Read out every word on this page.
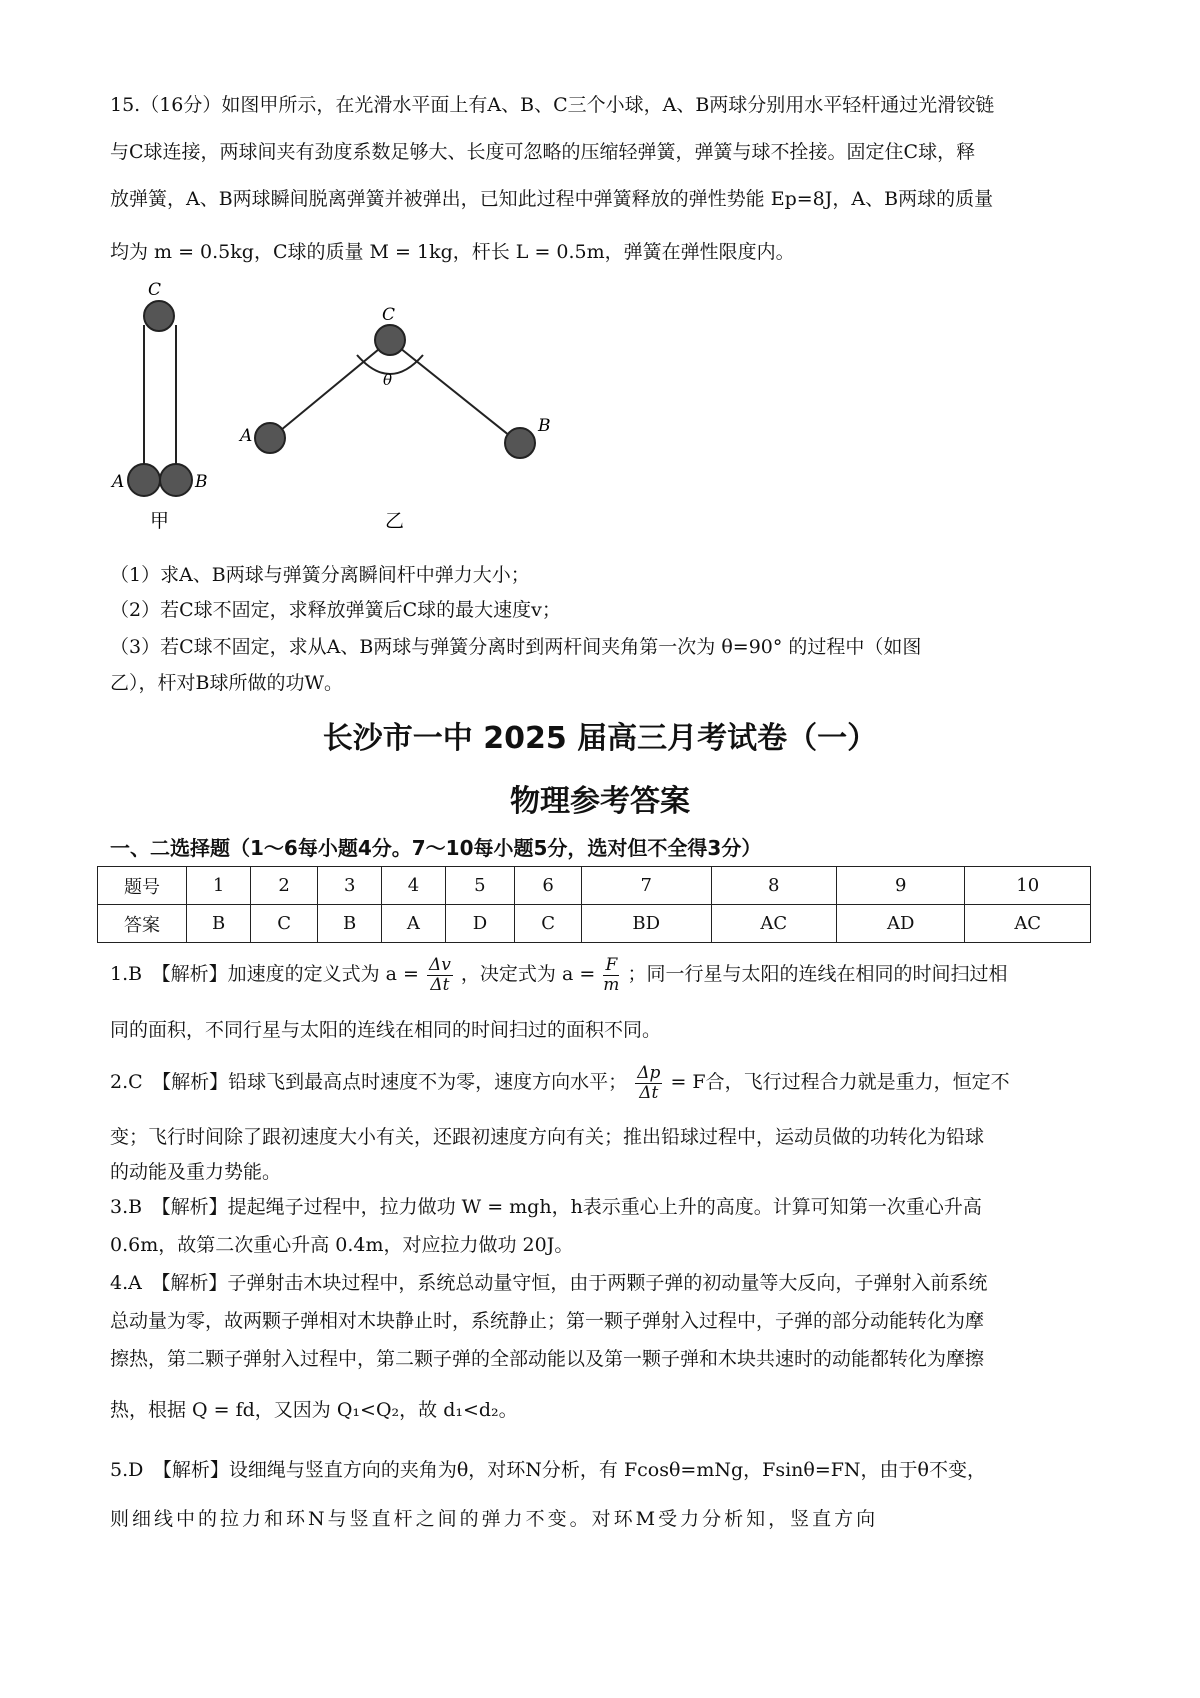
15.（16分）如图甲所示，在光滑水平面上有A、B、C三个小球，A、B两球分别用水平轻杆通过光滑铰链
与C球连接，两球间夹有劲度系数足够大、长度可忽略的压缩轻弹簧，弹簧与球不拴接。固定住C球，释
放弹簧，A、B两球瞬间脱离弹簧并被弹出，已知此过程中弹簧释放的弹性势能 Ep=8J，A、B两球的质量
均为 m = 0.5kg，C球的质量 M = 1kg，杆长 L = 0.5m，弹簧在弹性限度内。
C
A	B
甲
C
θ
A	B
乙
（1）求A、B两球与弹簧分离瞬间杆中弹力大小；
（2）若C球不固定，求释放弹簧后C球的最大速度v；
（3）若C球不固定，求从A、B两球与弹簧分离时到两杆间夹角第一次为 θ=90° 的过程中（如图
乙），杆对B球所做的功W。
长沙市一中 2025 届高三月考试卷（一）
物理参考答案
一、二选择题（1～6每小题4分。7～10每小题5分，选对但不全得3分）
题号	1	2	3	4	5	6	7	8	9	10
答案	B	C	B	A	D	C	BD	AC	AD	AC
1.B　【解析】加速度的定义式为 $a = \frac{\Delta v}{\Delta t}$ ，决定式为 $a = \frac{F}{m}$ ；同一行星与太阳的连线在相同的时间扫过相
同的面积，不同行星与太阳的连线在相同的时间扫过的面积不同。
2.C　【解析】铅球飞到最高点时速度不为零，速度方向水平； $\frac{\Delta p}{\Delta t} = F$合，飞行过程合力就是重力，恒定不
变；飞行时间除了跟初速度大小有关，还跟初速度方向有关；推出铅球过程中，运动员做的功转化为铅球
的动能及重力势能。
3.B　【解析】提起绳子过程中，拉力做功 W = mgh，h表示重心上升的高度。计算可知第一次重心升高
0.6m，故第二次重心升高 0.4m，对应拉力做功 20J。
4.A　【解析】子弹射击木块过程中，系统总动量守恒，由于两颗子弹的初动量等大反向，子弹射入前系统
总动量为零，故两颗子弹相对木块静止时，系统静止；第一颗子弹射入过程中，子弹的部分动能转化为摩
擦热，第二颗子弹射入过程中，第二颗子弹的全部动能以及第一颗子弹和木块共速时的动能都转化为摩擦
热，根据 Q = fd，又因为 Q₁<Q₂，故 d₁<d₂。
5.D　【解析】设细绳与竖直方向的夹角为θ，对环N分析，有 Fcosθ=mNg，Fsinθ=FN，由于θ不变，
则细线中的拉力和环N与竖直杆之间的弹力不变。对环M受力分析知，竖直方向
